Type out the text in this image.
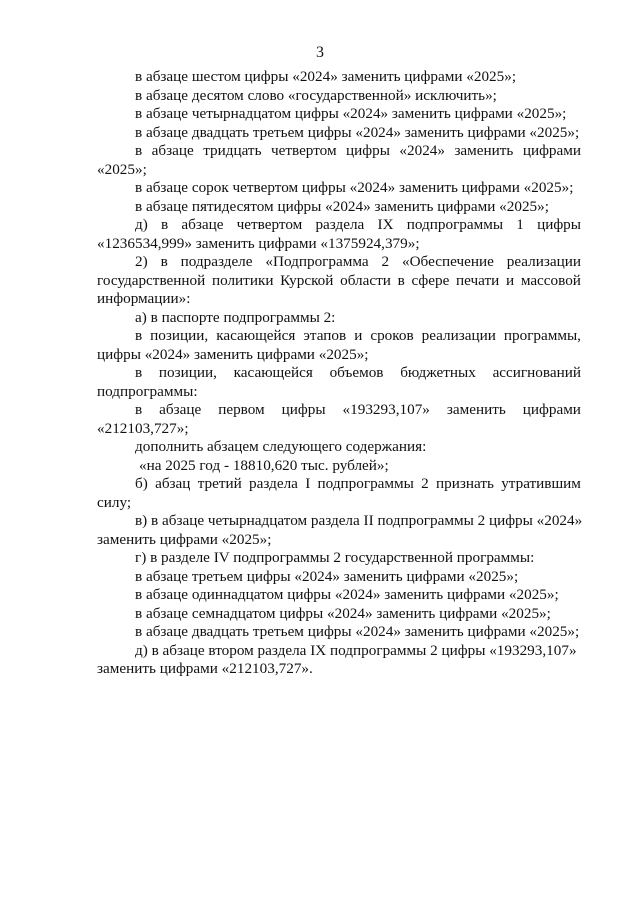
3
в абзаце шестом цифры «2024» заменить цифрами «2025»;
в абзаце десятом слово «государственной» исключить»;
в абзаце четырнадцатом цифры «2024» заменить цифрами «2025»;
в абзаце двадцать третьем цифры «2024» заменить цифрами «2025»;
в абзаце тридцать четвертом цифры «2024» заменить цифрами
«2025»;
в абзаце сорок четвертом цифры «2024» заменить цифрами «2025»;
в абзаце пятидесятом цифры «2024» заменить цифрами «2025»;
д) в абзаце четвертом раздела IX подпрограммы 1 цифры
«1236534,999» заменить цифрами «1375924,379»;
2) в подразделе «Подпрограмма 2 «Обеспечение реализации
государственной политики Курской области в сфере печати и массовой
информации»:
а) в паспорте подпрограммы 2:
в позиции, касающейся этапов и сроков реализации программы,
цифры «2024» заменить цифрами «2025»;
в позиции, касающейся объемов бюджетных ассигнований
подпрограммы:
в абзаце первом цифры «193293,107» заменить цифрами
«212103,727»;
дополнить абзацем следующего содержания:
«на 2025 год - 18810,620 тыс. рублей»;
б) абзац третий раздела I подпрограммы 2 признать утратившим
силу;
в) в абзаце четырнадцатом раздела II подпрограммы 2 цифры «2024»
заменить цифрами «2025»;
г) в разделе IV подпрограммы 2 государственной программы:
в абзаце третьем цифры «2024» заменить цифрами «2025»;
в абзаце одиннадцатом цифры «2024» заменить цифрами «2025»;
в абзаце семнадцатом цифры «2024» заменить цифрами «2025»;
в абзаце двадцать третьем цифры «2024» заменить цифрами «2025»;
д) в абзаце втором раздела IX подпрограммы 2 цифры «193293,107»
заменить цифрами «212103,727».
